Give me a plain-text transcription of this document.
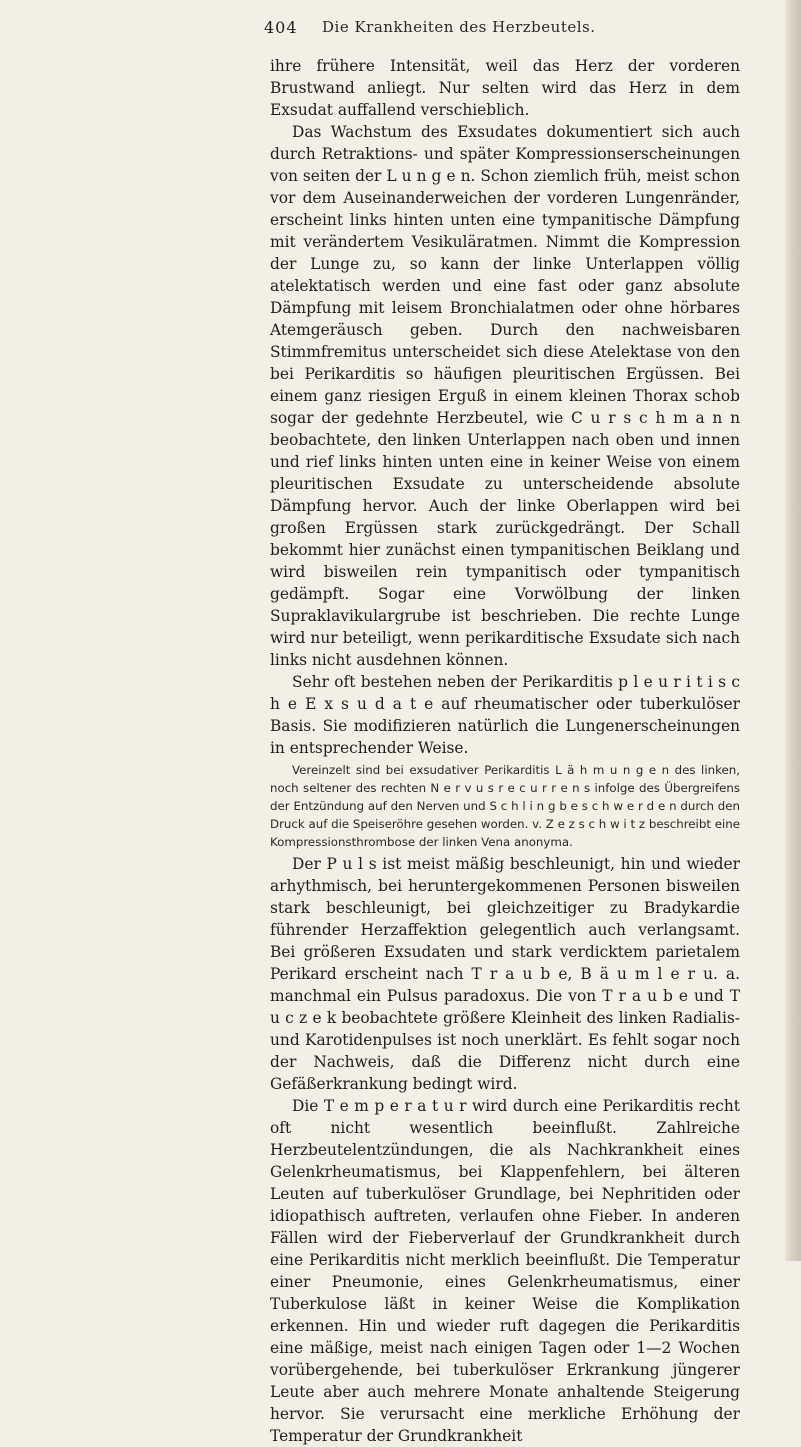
404 Die Krankheiten des Herzbeutels.

ihre frühere Intensität, weil das Herz der vorderen Brustwand anliegt. Nur selten wird das Herz in dem Exsudat auffallend verschieblich.

Das Wachstum des Exsudates dokumentiert sich auch durch Retraktions- und später Kompressionserscheinungen von seiten der L u n g e n. Schon ziemlich früh, meist schon vor dem Auseinanderweichen der vorderen Lungenränder, erscheint links hinten unten eine tympanitische Dämpfung mit verändertem Vesikuläratmen. Nimmt die Kompression der Lunge zu, so kann der linke Unterlappen völlig atelektatisch werden und eine fast oder ganz absolute Dämpfung mit leisem Bronchialatmen oder ohne hörbares Atemgeräusch geben. Durch den nachweisbaren Stimmfremitus unterscheidet sich diese Atelektase von den bei Perikarditis so häufigen pleuritischen Ergüssen. Bei einem ganz riesigen Erguß in einem kleinen Thorax schob sogar der gedehnte Herzbeutel, wie C u r s c h m a n n beobachtete, den linken Unterlappen nach oben und innen und rief links hinten unten eine in keiner Weise von einem pleuritischen Exsudate zu unterscheidende absolute Dämpfung hervor. Auch der linke Oberlappen wird bei großen Ergüssen stark zurückgedrängt. Der Schall bekommt hier zunächst einen tympanitischen Beiklang und wird bisweilen rein tympanitisch oder tympanitisch gedämpft. Sogar eine Vorwölbung der linken Supraklavikulargrube ist beschrieben. Die rechte Lunge wird nur beteiligt, wenn perikarditische Exsudate sich nach links nicht ausdehnen können.

Sehr oft bestehen neben der Perikarditis p l e u r i t i s c h e E x s u d a t e auf rheumatischer oder tuberkulöser Basis. Sie modifizieren natürlich die Lungenerscheinungen in entsprechender Weise.

Vereinzelt sind bei exsudativer Perikarditis L ä h m u n g e n des linken, noch seltener des rechten N e r v u s r e c u r r e n s infolge des Übergreifens der Entzündung auf den Nerven und S c h l i n g b e s c h w e r d e n durch den Druck auf die Speiseröhre gesehen worden. v. Z e z s c h w i t z beschreibt eine Kompressionsthrombose der linken Vena anonyma.

Der P u l s ist meist mäßig beschleunigt, hin und wieder arhythmisch, bei heruntergekommenen Personen bisweilen stark beschleunigt, bei gleichzeitiger zu Bradykardie führender Herzaffektion gelegentlich auch verlangsamt. Bei größeren Exsudaten und stark verdicktem parietalem Perikard erscheint nach T r a u b e, B ä u m l e r u. a. manchmal ein Pulsus paradoxus. Die von T r a u b e und T u c z e k beobachtete größere Kleinheit des linken Radialis- und Karotidenpulses ist noch unerklärt. Es fehlt sogar noch der Nachweis, daß die Differenz nicht durch eine Gefäßerkrankung bedingt wird.

Die T e m p e r a t u r wird durch eine Perikarditis recht oft nicht wesentlich beeinflußt. Zahlreiche Herzbeutelentzündungen, die als Nachkrankheit eines Gelenkrheumatismus, bei Klappenfehlern, bei älteren Leuten auf tuberkulöser Grundlage, bei Nephritiden oder idiopathisch auftreten, verlaufen ohne Fieber. In anderen Fällen wird der Fieberverlauf der Grundkrankheit durch eine Perikarditis nicht merklich beeinflußt. Die Temperatur einer Pneumonie, eines Gelenkrheumatismus, einer Tuberkulose läßt in keiner Weise die Komplikation erkennen. Hin und wieder ruft dagegen die Perikarditis eine mäßige, meist nach einigen Tagen oder 1—2 Wochen vorübergehende, bei tuberkulöser Erkrankung jüngerer Leute aber auch mehrere Monate anhaltende Steigerung hervor. Sie verursacht eine merkliche Erhöhung der Temperatur der Grundkrankheit
